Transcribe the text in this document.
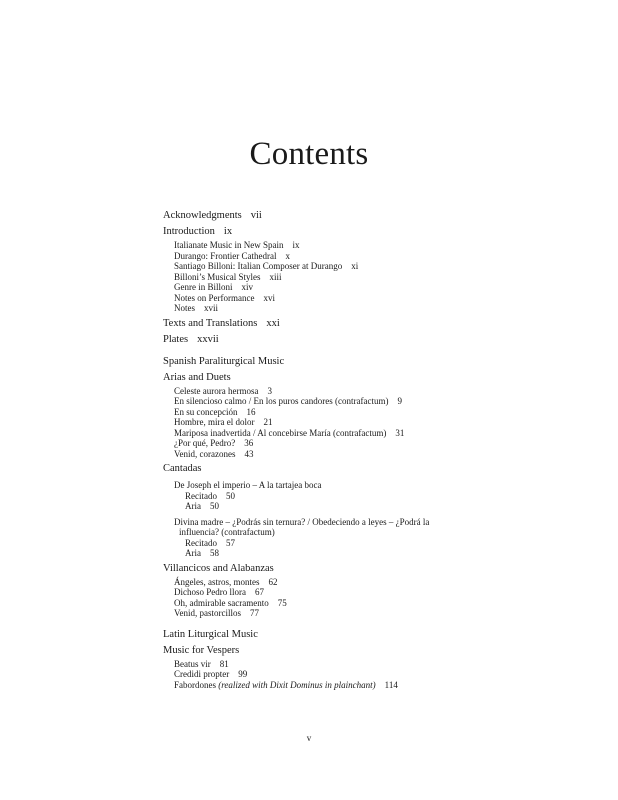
Contents

Acknowledgments vii

Introduction ix

Italianate Music in New Spain ix

Durango: Frontier Cathedral x

Santiago Billoni: Italian Composer at Durango xi

Billoni’s Musical Styles xiii

Genre in Billoni xiv

Notes on Performance xvi

Notes xvii

Texts and Translations xxi

Plates xxvii

Spanish Paraliturgical Music

Arias and Duets

Celeste aurora hermosa 3

En silencioso calmo / En los puros candores (contrafactum) 9

En su concepción 16

Hombre, mira el dolor 21

Mariposa inadvertida / Al concebirse María (contrafactum) 31

¿Por qué, Pedro? 36

Venid, corazones 43

Cantadas

De Joseph el imperio – A la tartajea boca

Recitado 50

Aria 50

Divina madre – ¿Podrás sin ternura? / Obedeciendo a leyes – ¿Podrá la

influencia? (contrafactum)

Recitado 57

Aria 58

Villancicos and Alabanzas

Ángeles, astros, montes 62

Dichoso Pedro llora 67

Oh, admirable sacramento 75

Venid, pastorcillos 77

Latin Liturgical Music

Music for Vespers

Beatus vir 81

Credidi propter 99

Fabordones (realized with Dixit Dominus in plainchant) 114

v
